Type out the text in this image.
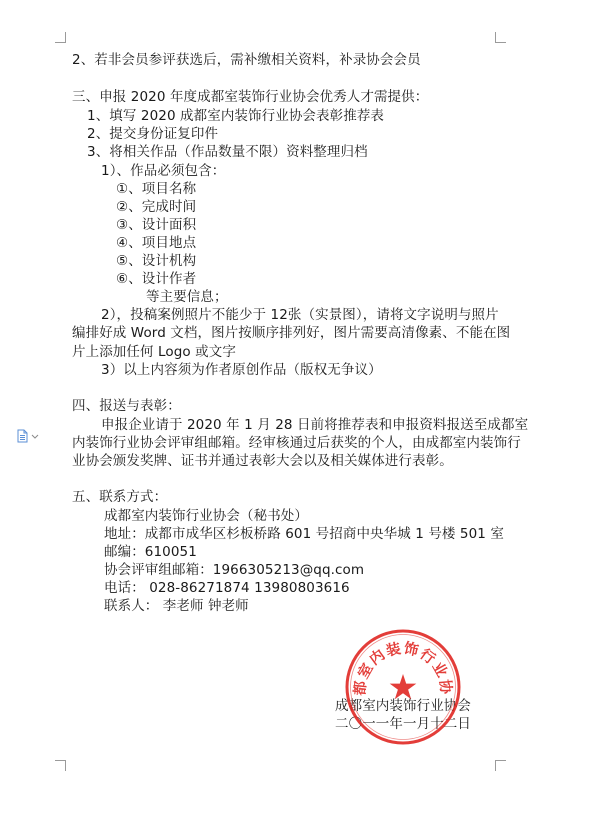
2、若非会员参评获选后，需补缴相关资料，补录协会会员
三、申报 2020 年度成都室装饰行业协会优秀人才需提供：
1、填写 2020 成都室内装饰行业协会表彰推荐表
2、提交身份证复印件
3、将相关作品（作品数量不限）资料整理归档
1）、作品必须包含：
①、项目名称
②、完成时间
③、设计面积
④、项目地点
⑤、设计机构
⑥、设计作者
等主要信息；
2），投稿案例照片不能少于 12张（实景图），请将文字说明与照片
编排好成 Word 文档，图片按顺序排列好，图片需要高清像素、不能在图
片上添加任何 Logo 或文字
3）以上内容须为作者原创作品（版权无争议）
四、报送与表彰：
申报企业请于 2020 年 1 月 28 日前将推荐表和申报资料报送至成都室
内装饰行业协会评审组邮箱。经审核通过后获奖的个人，由成都室内装饰行
业协会颁发奖牌、证书并通过表彰大会以及相关媒体进行表彰。
五、联系方式：
成都室内装饰行业协会（秘书处）
地址：成都市成华区杉板桥路 601 号招商中央华城 1 号楼 501 室
邮编：610051
协会评审组邮箱：1966305213@qq.com
电话： 028-86271874 13980803616
联系人： 李老师 钟老师
成都室内装饰行业协会
二〇一一年一月十二日
都室内装饰行业协
